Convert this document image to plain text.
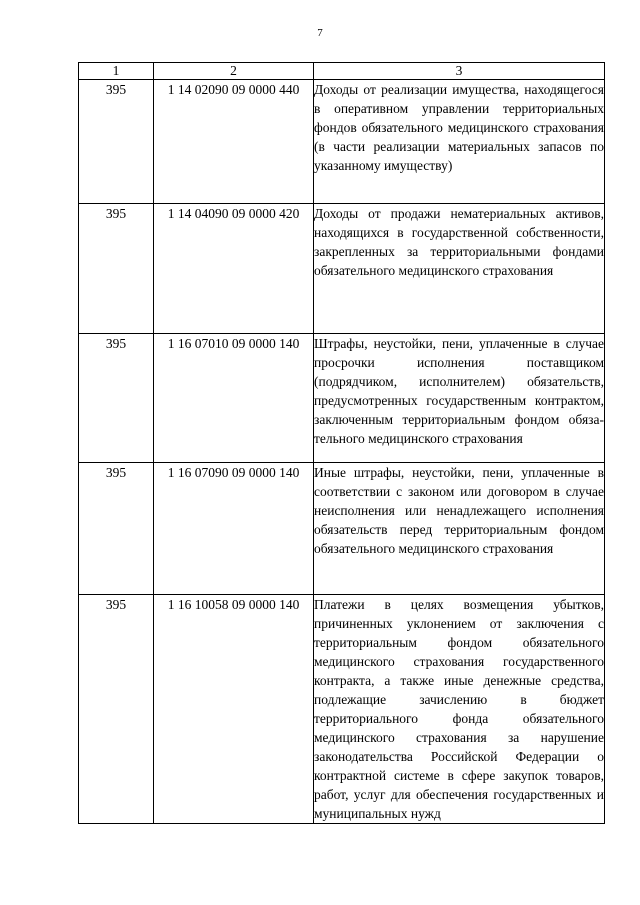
7
1	2	3
395	1 14 02090 09 0000 440	Доходы от реализации имущества, находящегося в оперативном управлении территориальных фондов обязательного медицинского страхования (в части реализации материальных запасов по указанному имуществу)
395	1 14 04090 09 0000 420	Доходы от продажи нематериальных активов, находящихся в государственной собственности, закрепленных за территориальными фондами обязательного медицинского страхования
395	1 16 07010 09 0000 140	Штрафы, неустойки, пени, уплаченные в случае просрочки исполнения поставщиком (подрядчиком, исполнителем) обязательств, предусмотренных государственным контрактом, заключенным территориальным фондом обязательного медицинского страхования
395	1 16 07090 09 0000 140	Иные штрафы, неустойки, пени, уплаченные в соответствии с законом или договором в случае неисполнения или ненадлежащего исполнения обязательств перед территориальным фондом обязательного медицинского страхования
395	1 16 10058 09 0000 140	Платежи в целях возмещения убытков, причиненных уклонением от заключения с территориальным фондом обязательного медицинского страхования государственного контракта, а также иные денежные средства, подлежащие зачислению в бюджет территориального фонда обязательного медицинского страхования за нарушение законодательства Российской Федерации о контрактной системе в сфере закупок товаров, работ, услуг для обеспечения государственных и муниципальных нужд
